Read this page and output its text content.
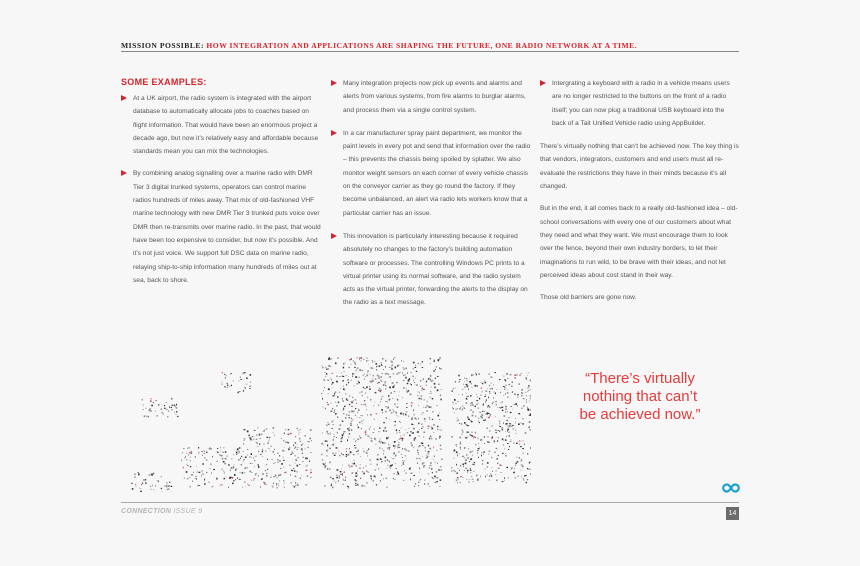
MISSION POSSIBLE: HOW INTEGRATION AND APPLICATIONS ARE SHAPING THE FUTURE, ONE RADIO NETWORK AT A TIME.
SOME EXAMPLES:
At a UK airport, the radio system is integrated with the airport database to automatically allocate jobs to coaches based on flight information. That would have been an enormous project a decade ago, but now it’s relatively easy and affordable because standards mean you can mix the technologies.
By combining analog signalling over a marine radio with DMR Tier 3 digital trunked systems, operators can control marine radios hundreds of miles away. That mix of old-fashioned VHF marine technology with new DMR Tier 3 trunked puts voice over DMR then re-transmits over marine radio. In the past, that would have been too expensive to consider, but now it’s possible. And it’s not just voice. We support full DSC data on marine radio, relaying ship-to-ship information many hundreds of miles out at sea, back to shore.
Many integration projects now pick up events and alarms and alerts from various systems, from fire alarms to burglar alarms, and process them via a single control system.
In a car manufacturer spray paint department, we monitor the paint levels in every pot and send that information over the radio – this prevents the chassis being spoiled by splatter. We also monitor weight sensors on each corner of every vehicle chassis on the conveyor carrier as they go round the factory. If they become unbalanced, an alert via radio lets workers know that a particular carrier has an issue.
This innovation is particularly interesting because it required absolutely no changes to the factory’s building automation software or processes. The controlling Windows PC prints to a virtual printer using its normal software, and the radio system acts as the virtual printer, forwarding the alerts to the display on the radio as a text message.
Intergrating a keyboard with a radio in a vehicle means users are no longer restricted to the buttons on the front of a radio itself; you can now plug a traditional USB keyboard into the back of a Tait Unified Vehicle radio using AppBuilder.

There’s virtually nothing that can’t be achieved now. The key thing is that vendors, integrators, customers and end users must all re-evaluate the restrictions they have in their minds because it’s all changed.

But in the end, it all comes back to a really old-fashioned idea – old-school conversations with every one of our customers about what they need and what they want. We must encourage them to look over the fence, beyond their own industry borders, to let their imaginations to run wild, to be brave with their ideas, and not let perceived ideas about cost stand in their way.

Those old barriers are gone now.

“There’s virtually
nothing that can’t
be achieved now.”
CONNECTION ISSUE 9	14
